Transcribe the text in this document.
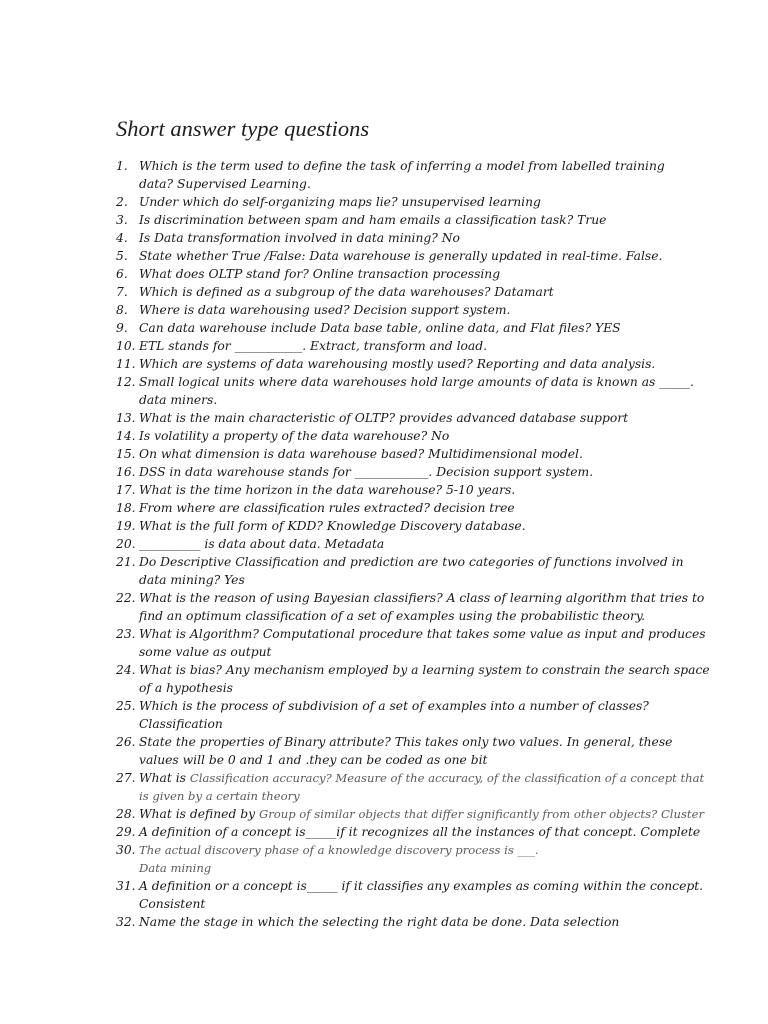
Short answer type questions
1. Which is the term used to define the task of inferring a model from labelled training
data? Supervised Learning.
2. Under which do self-organizing maps lie? unsupervised learning
3. Is discrimination between spam and ham emails a classification task? True
4. Is Data transformation involved in data mining? No
5. State whether True /False: Data warehouse is generally updated in real-time. False.
6. What does OLTP stand for? Online transaction processing
7. Which is defined as a subgroup of the data warehouses? Datamart
8. Where is data warehousing used? Decision support system.
9. Can data warehouse include Data base table, online data, and Flat files? YES
10. ETL stands for ___________. Extract, transform and load.
11. Which are systems of data warehousing mostly used? Reporting and data analysis.
12. Small logical units where data warehouses hold large amounts of data is known as _____.
data miners.
13. What is the main characteristic of OLTP? provides advanced database support
14. Is volatility a property of the data warehouse? No
15. On what dimension is data warehouse based? Multidimensional model.
16. DSS in data warehouse stands for ____________. Decision support system.
17. What is the time horizon in the data warehouse? 5-10 years.
18. From where are classification rules extracted? decision tree
19. What is the full form of KDD? Knowledge Discovery database.
20. __________ is data about data. Metadata
21. Do Descriptive Classification and prediction are two categories of functions involved in
data mining? Yes
22. What is the reason of using Bayesian classifiers? A class of learning algorithm that tries to
find an optimum classification of a set of examples using the probabilistic theory.
23. What is Algorithm? Computational procedure that takes some value as input and produces
some value as output
24. What is bias? Any mechanism employed by a learning system to constrain the search space
of a hypothesis
25. Which is the process of subdivision of a set of examples into a number of classes?
Classification
26. State the properties of Binary attribute? This takes only two values. In general, these
values will be 0 and 1 and .they can be coded as one bit
27. What is Classification accuracy? Measure of the accuracy, of the classification of a concept that
is given by a certain theory
28. What is defined by Group of similar objects that differ significantly from other objects? Cluster
29. A definition of a concept is_____if it recognizes all the instances of that concept. Complete
30. The actual discovery phase of a knowledge discovery process is ___.
Data mining
31. A definition or a concept is_____ if it classifies any examples as coming within the concept.
Consistent
32. Name the stage in which the selecting the right data be done. Data selection
